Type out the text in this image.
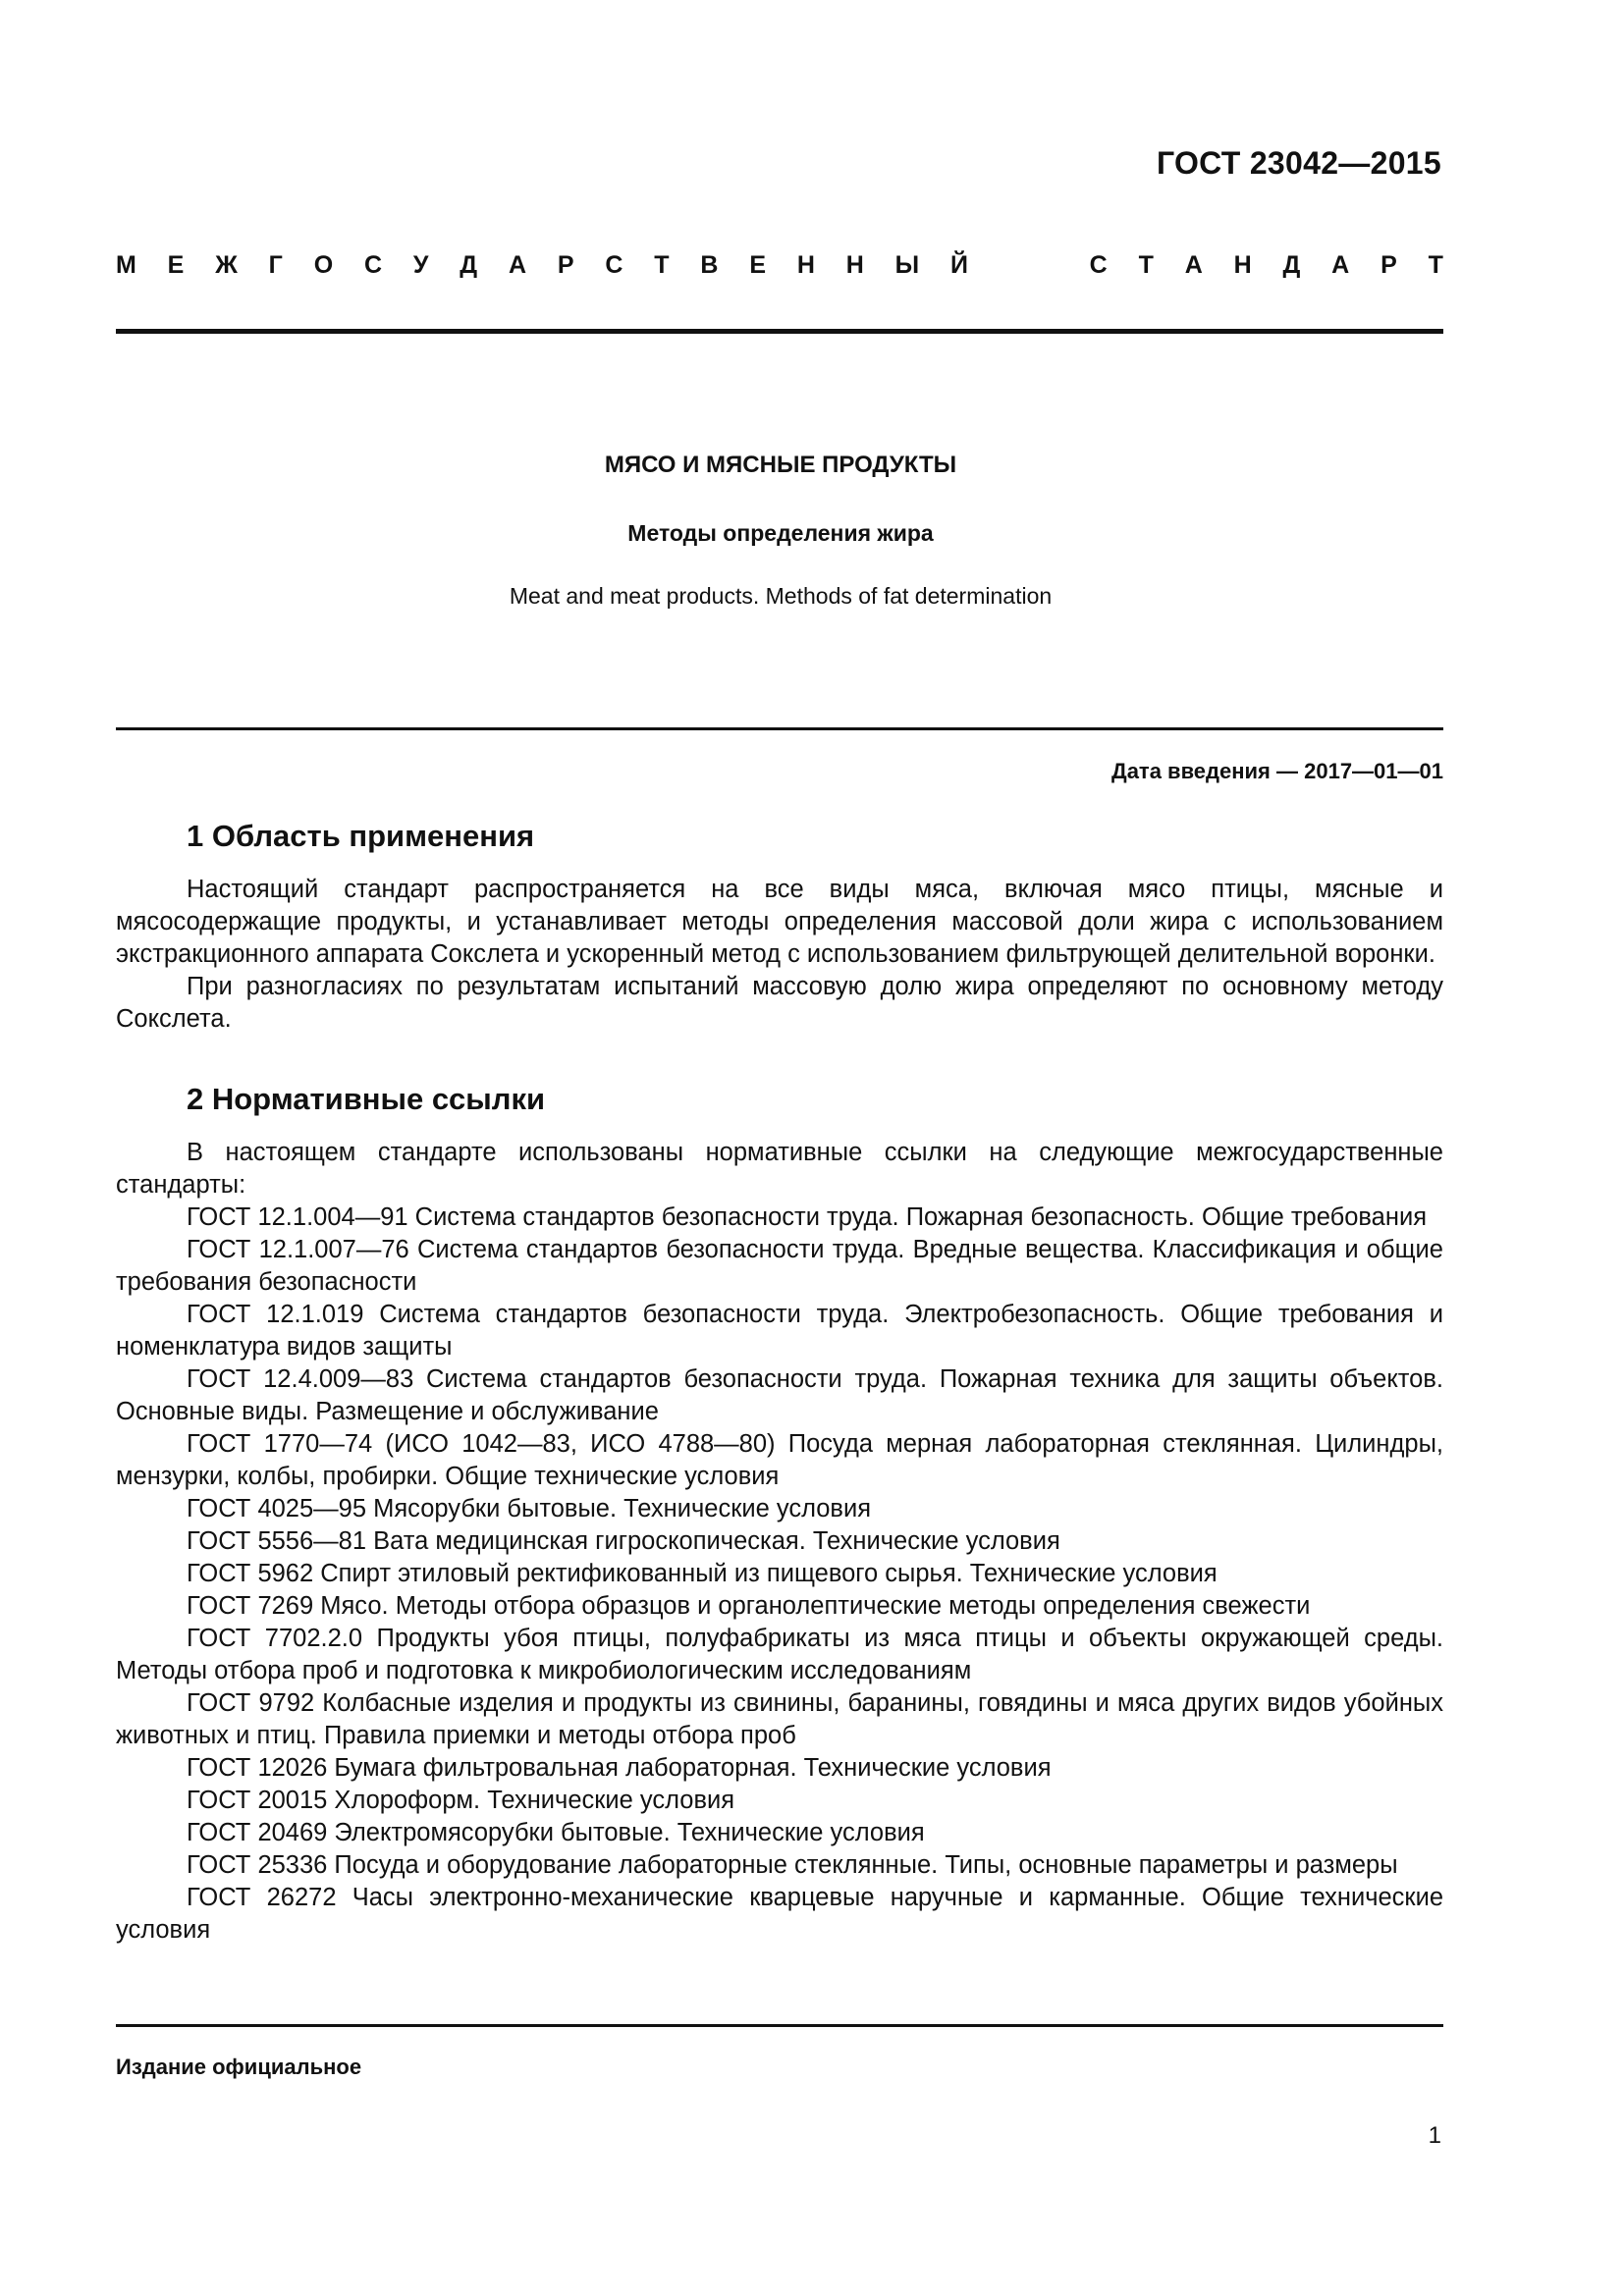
ГОСТ 23042—2015
М Е Ж Г О С У Д А Р С Т В Е Н Н Ы Й	С Т А Н Д А Р Т
МЯСО И МЯСНЫЕ ПРОДУКТЫ
Методы определения жира
Meat and meat products. Methods of fat determination
Дата введения — 2017—01—01
1 Область применения

Настоящий стандарт распространяется на все виды мяса, включая мясо птицы, мясные и мясосодержащие продукты, и устанавливает методы определения массовой доли жира с использованием экстракционного аппарата Сокслета и ускоренный метод с использованием фильтрующей делительной воронки.

При разногласиях по результатам испытаний массовую долю жира определяют по основному методу Сокслета.

2 Нормативные ссылки

В настоящем стандарте использованы нормативные ссылки на следующие межгосударственные стандарты:

ГОСТ 12.1.004—91 Система стандартов безопасности труда. Пожарная безопасность. Общие требования

ГОСТ 12.1.007—76 Система стандартов безопасности труда. Вредные вещества. Классификация и общие требования безопасности

ГОСТ 12.1.019 Система стандартов безопасности труда. Электробезопасность. Общие требования и номенклатура видов защиты

ГОСТ 12.4.009—83 Система стандартов безопасности труда. Пожарная техника для защиты объектов. Основные виды. Размещение и обслуживание

ГОСТ 1770—74 (ИСО 1042—83, ИСО 4788—80) Посуда мерная лабораторная стеклянная. Цилиндры, мензурки, колбы, пробирки. Общие технические условия

ГОСТ 4025—95 Мясорубки бытовые. Технические условия

ГОСТ 5556—81 Вата медицинская гигроскопическая. Технические условия

ГОСТ 5962 Спирт этиловый ректификованный из пищевого сырья. Технические условия

ГОСТ 7269 Мясо. Методы отбора образцов и органолептические методы определения свежести

ГОСТ 7702.2.0 Продукты убоя птицы, полуфабрикаты из мяса птицы и объекты окружающей среды. Методы отбора проб и подготовка к микробиологическим исследованиям

ГОСТ 9792 Колбасные изделия и продукты из свинины, баранины, говядины и мяса других видов убойных животных и птиц. Правила приемки и методы отбора проб

ГОСТ 12026 Бумага фильтровальная лабораторная. Технические условия

ГОСТ 20015 Хлороформ. Технические условия

ГОСТ 20469 Электромясорубки бытовые. Технические условия

ГОСТ 25336 Посуда и оборудование лабораторные стеклянные. Типы, основные параметры и размеры

ГОСТ 26272 Часы электронно-механические кварцевые наручные и карманные. Общие технические условия

Издание официальное
1
